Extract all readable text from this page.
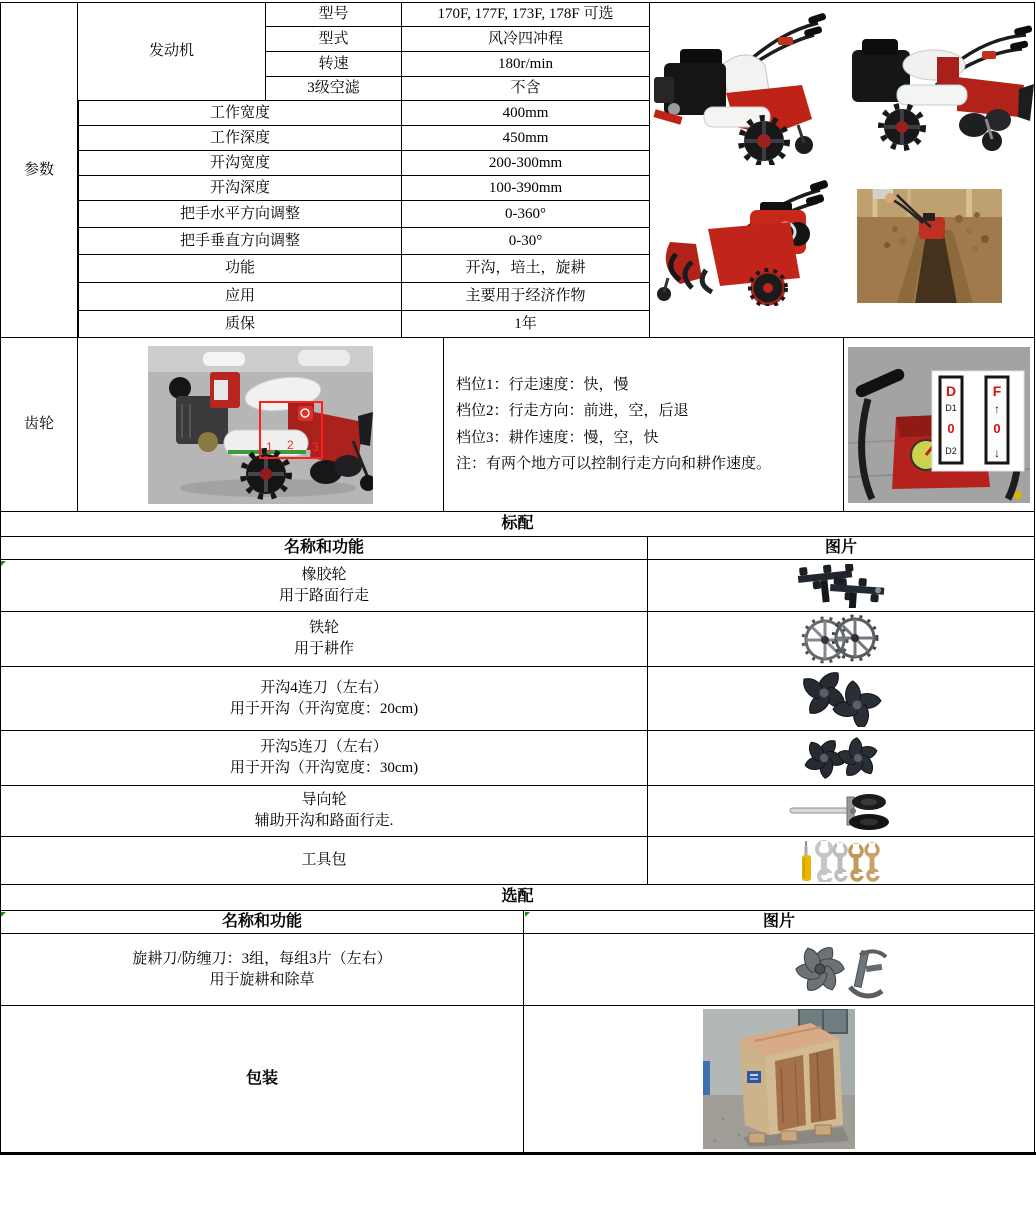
参数
发动机
型号	170F, 177F, 173F, 178F 可选
型式	风冷四冲程
转速	180r/min
3级空滤	不含
工作宽度	400mm
工作深度	450mm
开沟宽度	200-300mm
开沟深度	100-390mm
把手水平方向调整	0-360°
把手垂直方向调整	0-30°
功能	开沟，培土，旋耕
应用	主要用于经济作物
质保	1年
齿轮
1 2 3
档位1：行走速度：快，慢
档位2：行走方向：前进，空，后退
档位3：耕作速度：慢，空，快
注：有两个地方可以控制行走方向和耕作速度。
D
D1
0
D2
F
↑
0
↓
标配
名称和功能	图片
橡胶轮
用于路面行走
铁轮
用于耕作
开沟4连刀（左右）
用于开沟（开沟宽度：20cm)
开沟5连刀（左右）
用于开沟（开沟宽度：30cm)
导向轮
辅助开沟和路面行走.
工具包
选配
名称和功能	图片
旋耕刀/防缠刀：3组，每组3片（左右）
用于旋耕和除草
包装
